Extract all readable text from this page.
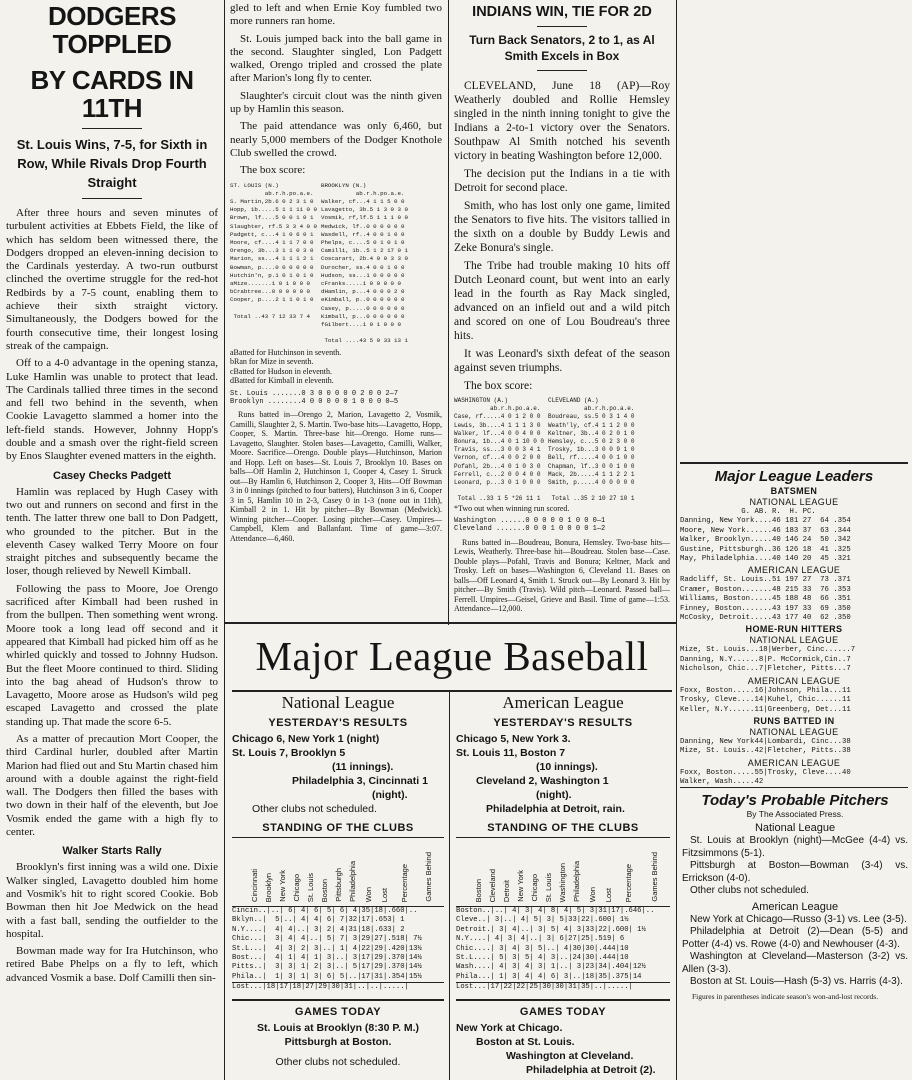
DODGERS TOPPLED
BY CARDS IN 11TH
St. Louis Wins, 7-5, for Sixth in Row, While Rivals Drop Fourth Straight

After three hours and seven minutes of turbulent activities at Ebbets Field, the like of which has seldom been witnessed there, the Dodgers dropped an eleven-inning decision to the Cardinals yesterday. A two-run outburst clinched the overtime struggle for the red-hot Redbirds by a 7-5 count, enabling them to achieve their sixth straight victory. Simultaneously, the Dodgers bowed for the fourth consecutive time, their longest losing streak of the campaign.

Off to a 4-0 advantage in the opening stanza, Luke Hamlin was unable to protect that lead. The Cardinals tallied three times in the second and fell two behind in the seventh, when Cookie Lavagetto slammed a homer into the left-field stands. However, Johnny Hopp's double and a smash over the right-field screen by Enos Slaughter evened matters in the eighth.

Casey Checks Padgett

Hamlin was replaced by Hugh Casey with two out and runners on second and first in the tenth. The latter threw one ball to Don Padgett, who grounded to the pitcher. But in the eleventh Casey walked Terry Moore on four straight pitches and subsequently became the loser, though relieved by Newell Kimball.

Following the pass to Moore, Joe Orengo sacrificed after Kimball had been rushed in from the bullpen. Then something went wrong. Moore took a long lead off second and it appeared that Kimball had picked him off as he whirled quickly and tossed to Johnny Hudson. But the fleet Moore continued to third. Sliding into the bag ahead of Hudson's throw to Lavagetto, Moore arose as Hudson's wild peg escaped Lavagetto and crossed the plate standing up. That made the score 6-5.

As a matter of precaution Mort Cooper, the third Cardinal hurler, doubled after Martin Marion had flied out and Stu Martin chased him around with a double against the right-field wall. The Dodgers then filled the bases with two down in their half of the eleventh, but Joe Vosmik ended the game with a high fly to center.

Walker Starts Rally

Brooklyn's first inning was a wild one. Dixie Walker singled, Lavagetto doubled him home and Vosmik's hit to right scored Cookie. Bob Bowman then hit Joe Medwick on the head with a fast ball, sending the outfielder to the hospital.

Bowman made way for Ira Hutchinson, who retired Babe Phelps on a fly to left, which advanced Vosmik a base. Dolf Camilli then sin-

gled to left and when Ernie Koy fumbled two more runners ran home.

St. Louis jumped back into the ball game in the second. Slaughter singled, Lon Padgett walked, Orengo tripled and crossed the plate after Marion's long fly to center.

Slaughter's circuit clout was the ninth given up by Hamlin this season.

The paid attendance was only 6,460, but nearly 5,000 members of the Dodger Knothole Club swelled the crowd.

The box score:

ST. LOUIS (N.)
ab.r.h.po.a.e.
S. Martin,2b.6 0 2 3 1 0
Hopp, 1b.....5 1 1 11 0 0
Brown, lf....5 0 0 1 0 1
Slaughter, rf.5 3 3 4 0 0
Padgett, c...4 1 0 6 0 1
Moore, cf....4 1 1 7 0 0
Orengo, 3b...3 1 1 0 3 0
Marion, ss...4 1 1 1 2 1
Bowman, p....0 0 0 0 0 0
Hutchin'n, p.1 0 1 0 1 0
aMize.......1 0 1 0 0 0
bCrabtree...0 0 0 0 0 0
Cooper, p....2 1 1 0 1 0

Total ..43 7 12 33 7 4
BROOKLYN (N.)
ab.r.h.po.a.e.
Walker, cf...4 1 1 5 0 0
Lavagetto, 3b.5 1 3 0 3 0
Vosmik, rf,lf.5 1 1 1 0 0
Medwick, lf..0 0 0 0 0 0
Wasdell, rf..4 0 0 1 0 0
Phelps, c....5 0 1 0 1 0
Camilli, 1b..5 1 2 17 0 1
Coscarart, 2b.4 0 0 3 3 0
Durocher, ss.4 0 0 1 0 0
Hudson, ss...1 0 0 0 0 0
cFranks.....1 0 0 0 0 0
dHamlin, p...4 0 0 0 2 0
eKimball, p..0 0 0 0 0 0
Casey, p.....0 0 0 0 0 0
Kimball, p...0 0 0 0 0 0
fGilbert....1 0 1 0 0 0

Total ....43 5 9 33 13 1
aBatted for Hutchinson in seventh.
bRan for Mize in seventh.
cBatted for Hudson in eleventh.
dBatted for Kimball in eleventh.
St. Louis .......0 3 0 0 0 0 0 2 0 0 2—7
Brooklyn ........4 0 0 0 0 0 1 0 0 0 0—5

Runs batted in—Orengo 2, Marion, Lavagetto 2, Vosmik, Camilli, Slaughter 2, S. Martin. Two-base hits—Lavagetto, Hopp, Cooper, S. Martin. Three-base hit—Orengo. Home runs—Lavagetto, Slaughter. Stolen bases—Lavagetto, Camilli, Walker, Moore. Sacrifice—Orengo. Double plays—Hutchinson, Marion and Hopp. Left on bases—St. Louis 7, Brooklyn 10. Bases on balls—Off Hamlin 2, Hutchinson 1, Cooper 4, Casey 1. Struck out—By Hamlin 6, Hutchinson 2, Cooper 3, Hits—Off Bowman 3 in 0 innings (pitched to four batters), Hutchinson 3 in 6, Cooper 3 in 5, Hamlin 10 in 2-3, Casey 0 in 1-3 (none out in 11th), Kimball 2 in 1. Hit by pitcher—By Bowman (Medwick). Winning pitcher—Cooper. Losing pitcher—Casey. Umpires—Campbell, Klem and Ballanfant. Time of game—3:07. Attendance—6,460.

INDIANS WIN, TIE FOR 2D
Turn Back Senators, 2 to 1, as Al Smith Excels in Box

CLEVELAND, June 18 (AP)—Roy Weatherly doubled and Rollie Hemsley singled in the ninth inning tonight to give the Indians a 2-to-1 victory over the Senators. Southpaw Al Smith notched his seventh victory in beating Washington before 12,000.

The decision put the Indians in a tie with Detroit for second place.

Smith, who has lost only one game, limited the Senators to five hits. The visitors tallied in the sixth on a double by Buddy Lewis and Zeke Bonura's single.

The Tribe had trouble making 10 hits off Dutch Leonard count, but went into an early lead in the fourth as Ray Mack singled, advanced on an infield out and a wild pitch and scored on one of Lou Boudreau's three hits.

It was Leonard's sixth defeat of the season against seven triumphs.

The box score:

WASHINGTON (A.)
ab.r.h.po.a.e.
Case, rf.....4 0 1 2 0 0
Lewis, 3b....4 1 1 1 3 0
Walker, lf...4 0 0 4 0 0
Bonura, 1b...4 0 1 10 0 0
Travis, ss...3 0 0 3 4 1
Vernon, cf...4 0 0 2 0 0
Pofahl, 2b...4 0 1 0 3 0
Ferrell, c...2 0 0 4 0 0
Leonard, p...3 0 1 0 0 0

Total ..33 1 5 *26 11 1
CLEVELAND (A.)
ab.r.h.po.a.e.
Boudreau, ss.5 0 3 1 4 0
Weath'ly, cf.4 1 1 2 0 0
Keltner, 3b..4 0 2 0 1 0
Hemsley, c...5 0 2 3 0 0
Trosky, 1b...3 0 0 9 1 0
Bell, rf.....4 0 0 1 0 0
Chapman, lf..3 0 0 1 0 0
Mack, 2b.....4 1 1 2 2 1
Smith, p.....4 0 0 0 0 0

Total ..35 2 10 27 10 1
*Two out when winning run scored.
Washington ......0 0 0 0 0 1 0 0 0—1
Cleveland .......0 0 0 1 0 0 0 0 1—2

Runs batted in—Boudreau, Bonura, Hemsley. Two-base hits—Lewis, Weatherly. Three-base hit—Boudreau. Stolen base—Case. Double plays—Pofahl, Travis and Bonura; Keltner, Mack and Trosky. Left on bases—Washington 6, Cleveland 11. Bases on balls—Off Leonard 4, Smith 1. Struck out—By Leonard 3. Hit by pitcher—By Smith (Travis). Wild pitch—Leonard. Passed ball—Ferrell. Umpires—Geisel, Grieve and Basil. Time of game—1:53. Attendance—12,000.

Major League Baseball
National League
YESTERDAY'S RESULTS
Chicago 6, New York 1 (night)
St. Louis 7, Brooklyn 5
(11 innings).
Philadelphia 3, Cincinnati 1
(night).
Other clubs not scheduled.
STANDING OF THE CLUBS
Cincinnati Brooklyn New York Chicago St. Louis Boston Pittsburgh Philadelphia Won Lost Percentage Games Behind
Cincin..|..| 6| 4| 6| 5| 6| 4|35|18|.660|..
Bklyn..|  5|..| 4| 4| 6| 7|32|17|.653| 1
N.Y....|  4| 4|..| 3| 2| 4|31|18|.633| 2
Chic...|  3| 4| 4|..| 5| 7| 3|29|27|.518| 7½
St.L...|  4| 3| 2| 3|..| 1| 4|22|29|.420|13½
Bost...|  4| 1| 4| 1| 3|..| 3|17|29|.370|14½
Pitts..|  3| 3| 1| 2| 3|..| 5|17|29|.370|14½
Phila..|  1| 3| 1| 3| 6| 5|..|17|31|.354|15½
Lost...|18|17|18|27|29|30|31|..|..|.....|
GAMES TODAY
St. Louis at Brooklyn (8:30 P. M.)
Pittsburgh at Boston.
Other clubs not scheduled.
American League
YESTERDAY'S RESULTS
Chicago 5, New York 3.
St. Louis 11, Boston 7
(10 innings).
Cleveland 2, Washington 1
(night).
Philadelphia at Detroit, rain.
STANDING OF THE CLUBS
Boston Cleveland Detroit New York Chicago St. Louis Washington Philadelphia Won Lost Percentage Games Behind
Boston..|..| 4| 3| 4| 8| 4| 5| 3|31|17|.646|..
Cleve..| 3|..| 4| 5| 3| 5|33|22|.600| 1½
Detroit.| 3| 4|..| 3| 5| 4| 3|33|22|.600| 1½
N.Y....| 4| 3| 4|..| 3| 6|27|25|.519| 6
Chic....| 3| 4| 3| 5|..| 4|30|30|.444|10
St.L....| 5| 3| 5| 4| 3|..|24|30|.444|10
Wash....| 4| 3| 4| 3| 1|..| 3|23|34|.404|12½
Phila...| 1| 3| 4| 4| 6| 3|..|18|35|.375|14
Lost...|17|22|22|25|30|30|31|35|..|.....|
GAMES TODAY
New York at Chicago.
Boston at St. Louis.
Washington at Cleveland.
Philadelphia at Detroit (2).
Major League Leaders
BATSMEN
NATIONAL LEAGUE
G. AB. R.  H. PC.
Danning, New York....46 181 27  64 .354
Moore, New York......46 183 37  63 .344
Walker, Brooklyn.....40 146 24  50 .342
Gustine, Pittsburgh..36 126 18  41 .325
May, Philadelphia....40 140 20  45 .321
AMERICAN LEAGUE
Radcliff, St. Louis..51 197 27  73 .371
Cramer, Boston.......48 215 33  76 .353
Williams, Boston.....45 188 48  66 .351
Finney, Boston.......43 197 33  69 .350
McCosky, Detroit.....43 177 40  62 .350
HOME-RUN HITTERS
NATIONAL LEAGUE
Mize, St. Louis...18|Werber, Cinc......7
Danning, N.Y......8|P. McCormick,Cin..7
Nicholson, Chic...7|Fletcher, Pitts...7
AMERICAN LEAGUE
Foxx, Boston.....16|Johnson, Phila...11
Trosky, Cleve....14|Kuhel, Chic......11
Keller, N.Y......11|Greenberg, Det...11
RUNS BATTED IN
NATIONAL LEAGUE
Danning, New York44|Lombardi, Cinc...38
Mize, St. Louis..42|Fletcher, Pitts..38
AMERICAN LEAGUE
Foxx, Boston.....55|Trosky, Cleve....40
Walker, Wash.....42
Today's Probable Pitchers
By The Associated Press.
National League

St. Louis at Brooklyn (night)—McGee (4-4) vs. Fitzsimmons (5-1).

Pittsburgh at Boston—Bowman (3-4) vs. Errickson (4-0).

Other clubs not scheduled.

American League

New York at Chicago—Russo (3-1) vs. Lee (3-5).

Philadelphia at Detroit (2)—Dean (5-5) and Potter (4-4) vs. Rowe (4-0) and Newhouser (4-3).

Washington at Cleveland—Masterson (3-2) vs. Allen (3-3).

Boston at St. Louis—Hash (5-3) vs. Harris (4-3).

Figures in parentheses indicate season's won-and-lost records.
